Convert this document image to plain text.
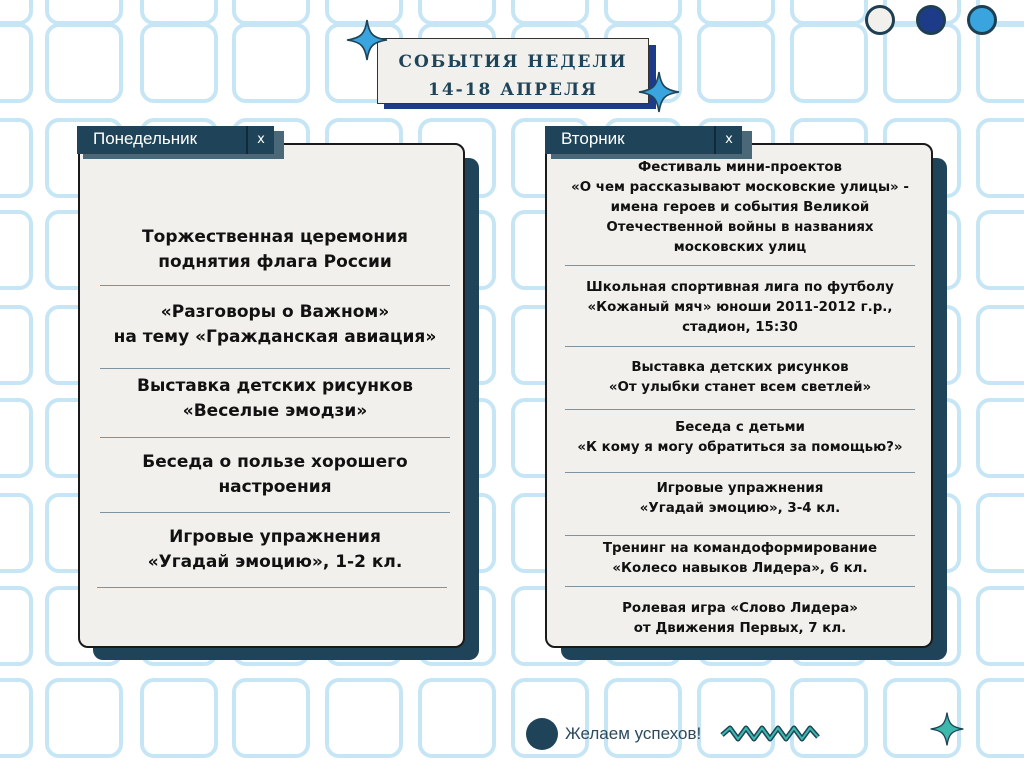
СОБЫТИЯ НЕДЕЛИ
14-18 АПРЕЛЯ
Торжественная церемония
поднятия флага России
«Разговоры о Важном»
на тему «Гражданская авиация»
Выставка детских рисунков
«Веселые эмодзи»
Беседа о пользе хорошего
настроения
Игровые упражнения
«Угадай эмоцию», 1-2 кл.
Понедельник	x
Фестиваль мини-проектов
«О чем рассказывают московские улицы» -
имена героев и события Великой
Отечественной войны в названиях
московских улиц
Школьная спортивная лига по футболу
«Кожаный мяч» юноши 2011-2012 г.р.,
стадион, 15:30
Выставка детских рисунков
«От улыбки станет всем светлей»
Беседа с детьми
«К кому я могу обратиться за помощью?»
Игровые упражнения
«Угадай эмоцию», 3-4 кл.
Тренинг на командоформирование
«Колесо навыков Лидера», 6 кл.
Ролевая игра «Слово Лидера»
от Движения Первых, 7 кл.
Вторник	x
Желаем успехов!
